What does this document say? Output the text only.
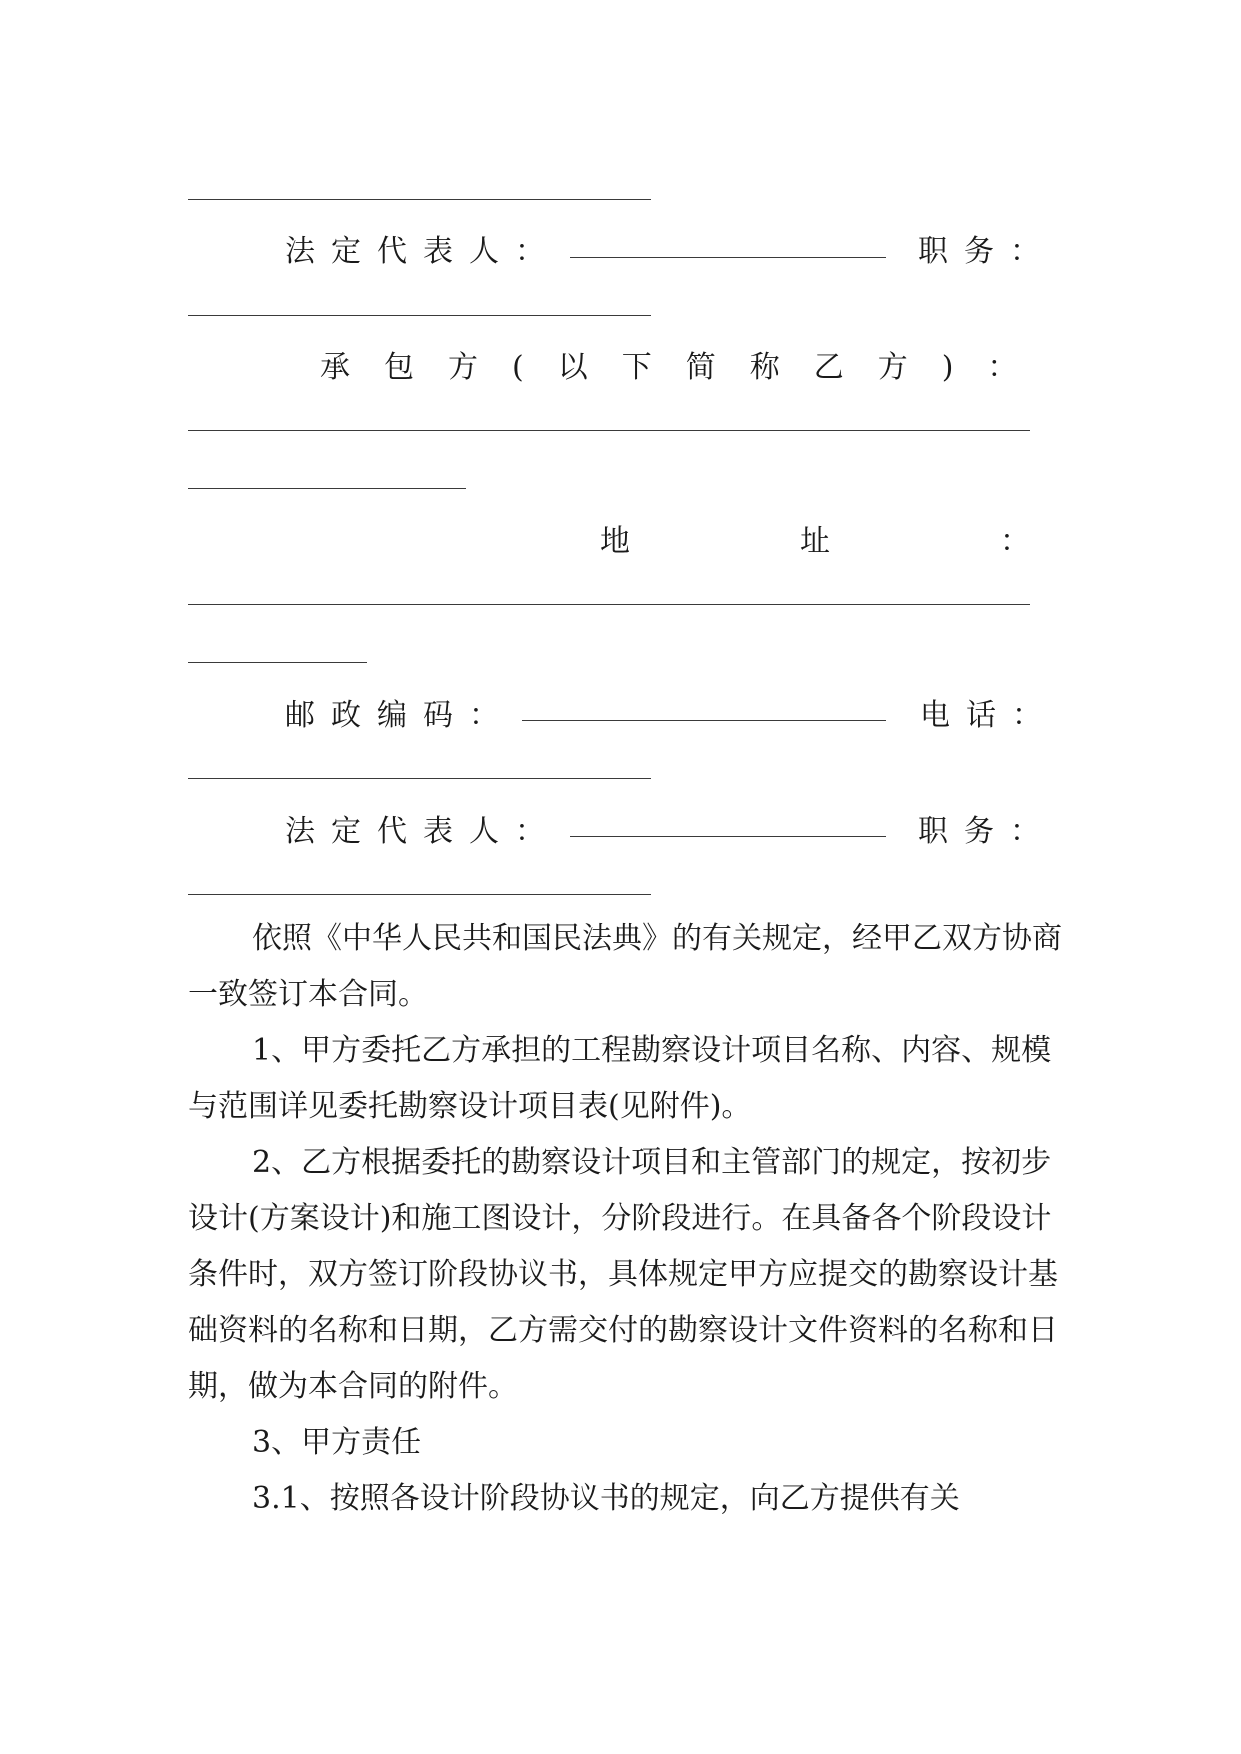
法定代表人：	职务：
承包方(以下简称乙方)：
地址：
邮政编码：	电话：
法定代表人：	职务：

依照《中华人民共和国民法典》的有关规定，经甲乙双方协商一致签订本合同。

1、甲方委托乙方承担的工程勘察设计项目名称、内容、规模与范围详见委托勘察设计项目表(见附件)。

2、乙方根据委托的勘察设计项目和主管部门的规定，按初步设计(方案设计)和施工图设计，分阶段进行。在具备各个阶段设计条件时，双方签订阶段协议书，具体规定甲方应提交的勘察设计基础资料的名称和日期，乙方需交付的勘察设计文件资料的名称和日期，做为本合同的附件。

3、甲方责任

3.1、按照各设计阶段协议书的规定，向乙方提供有关
